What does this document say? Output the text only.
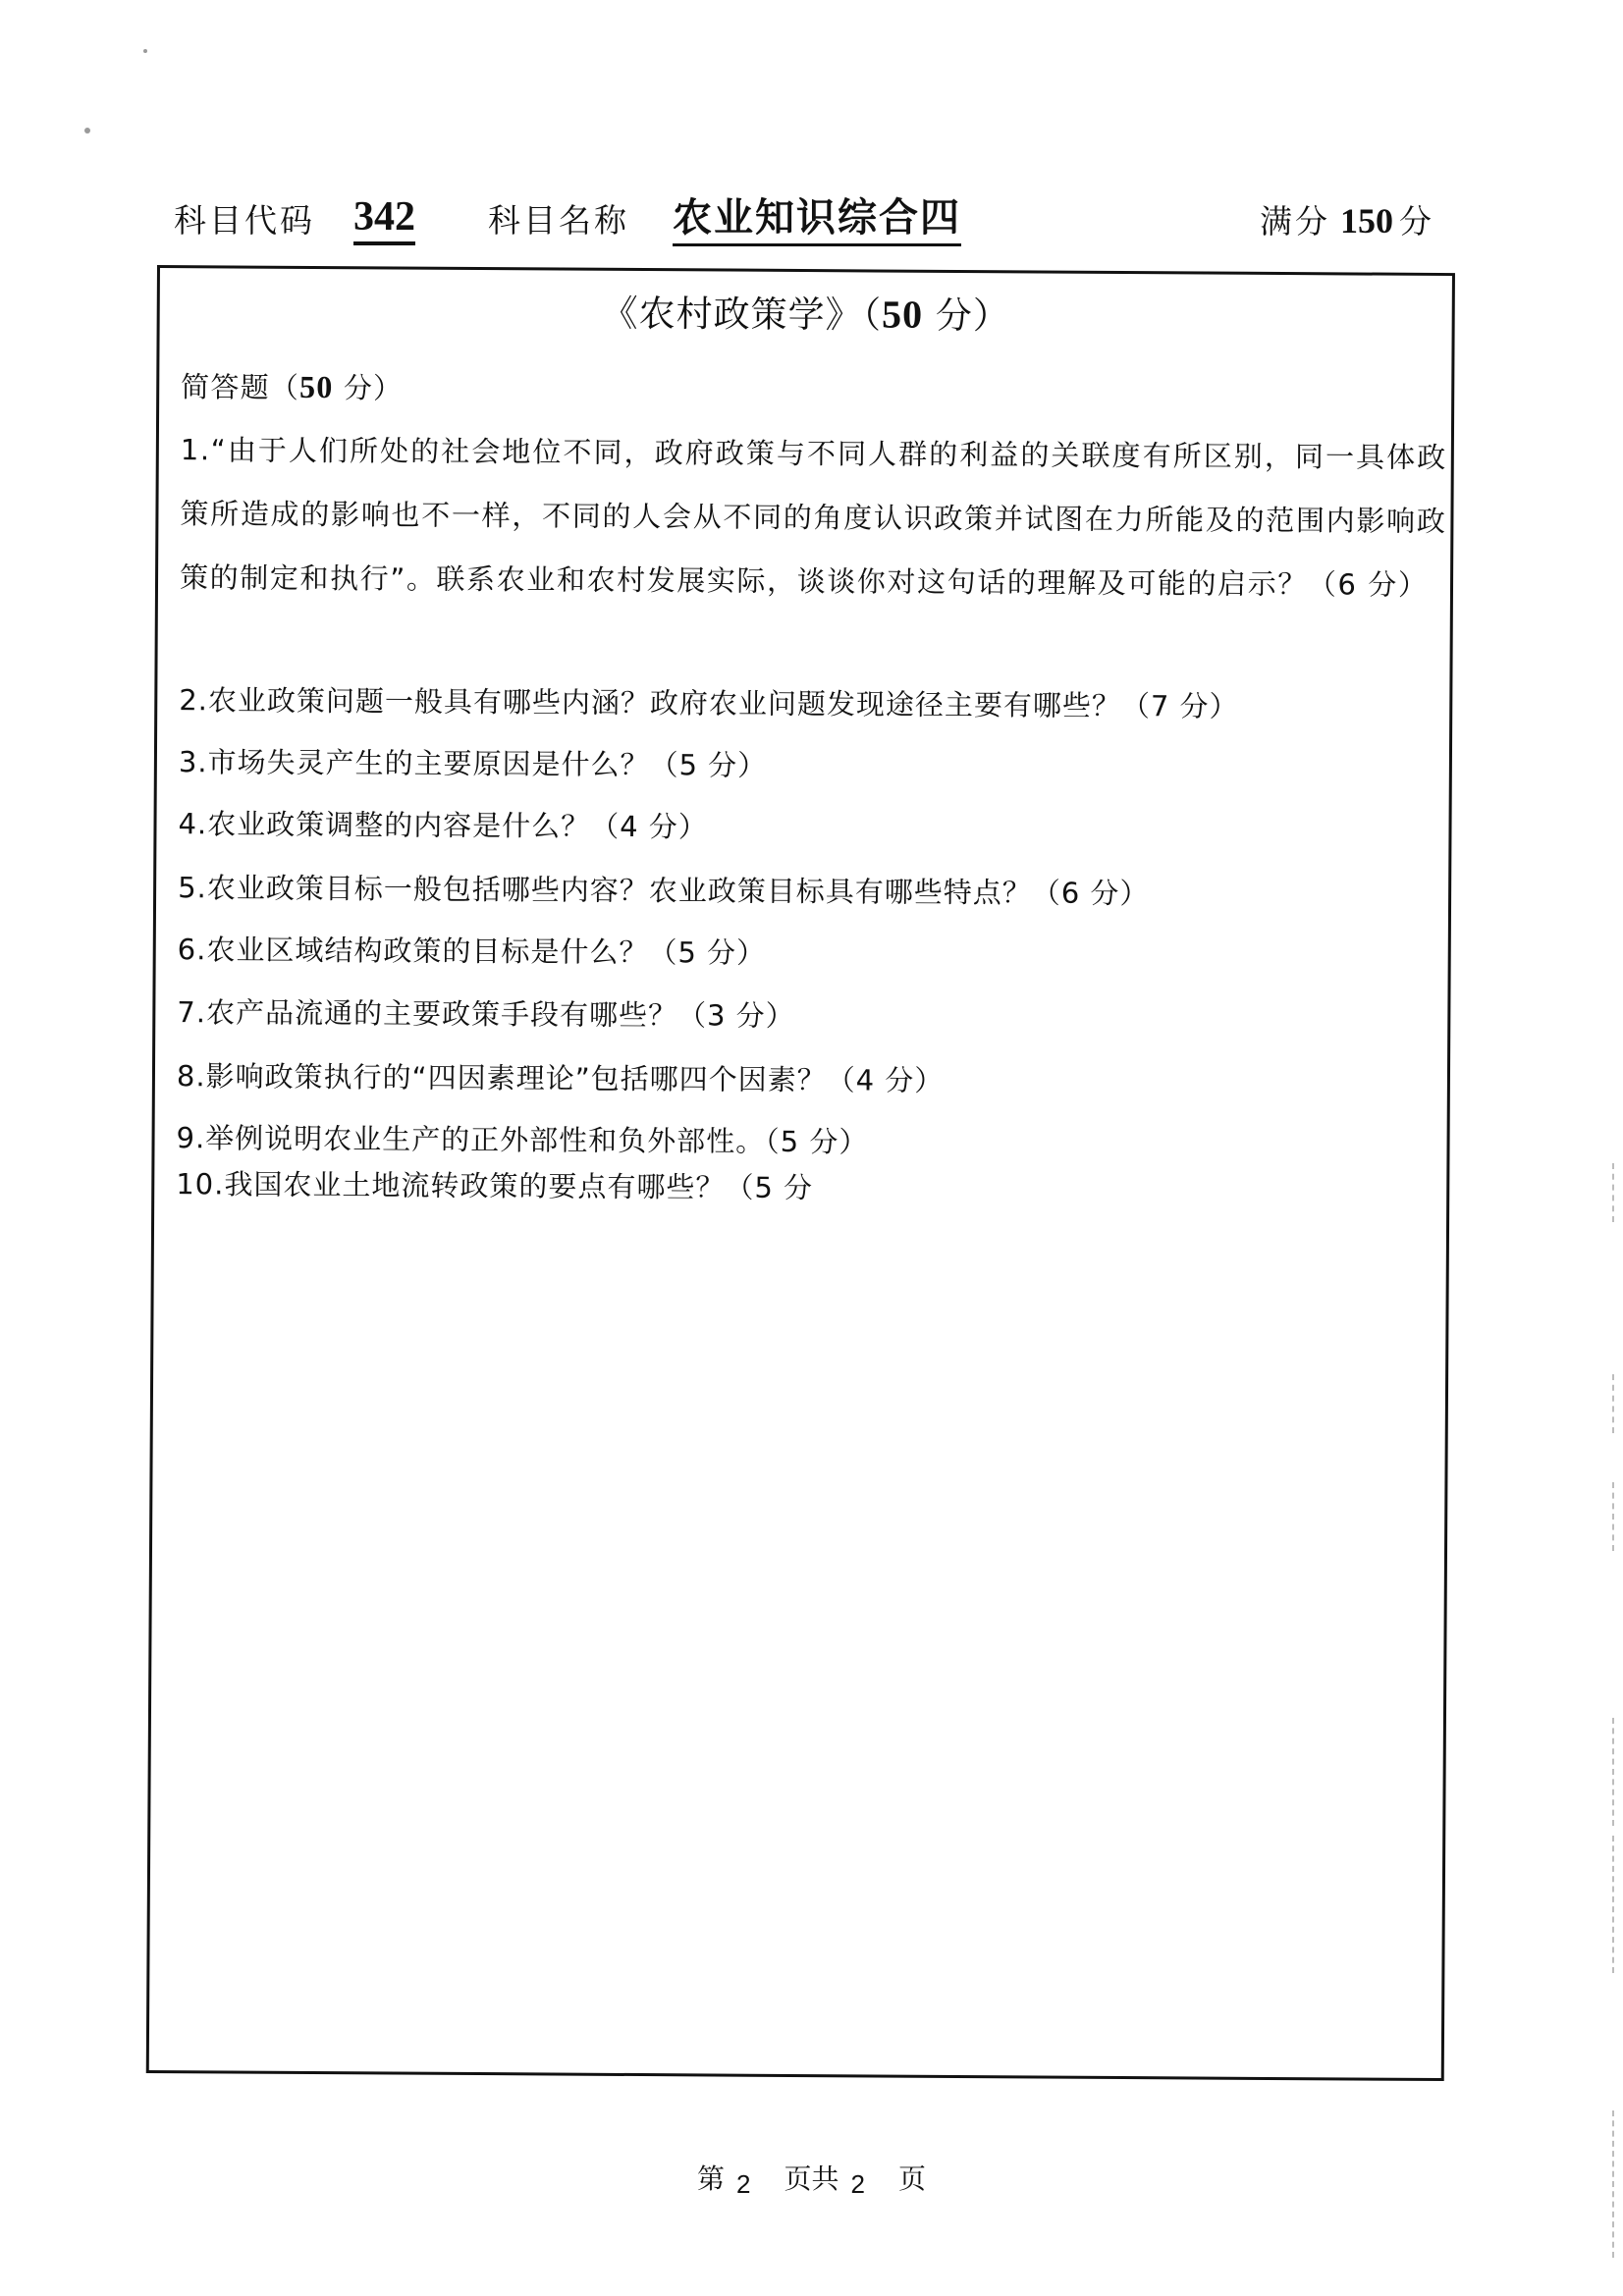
科目代码 342 科目名称 农业知识综合四	满分 150 分
《农村政策学》（50 分）
简答题（50 分）
1.“由于人们所处的社会地位不同，政府政策与不同人群的利益的关联度有所区别，同一具体政策所造成的影响也不一样，不同的人会从不同的角度认识政策并试图在力所能及的范围内影响政策的制定和执行”。联系农业和农村发展实际，谈谈你对这句话的理解及可能的启示？（6 分）
2.农业政策问题一般具有哪些内涵？政府农业问题发现途径主要有哪些？（7 分）
3.市场失灵产生的主要原因是什么？（5 分）
4.农业政策调整的内容是什么？（4 分）
5.农业政策目标一般包括哪些内容？农业政策目标具有哪些特点？（6 分）
6.农业区域结构政策的目标是什么？（5 分）
7.农产品流通的主要政策手段有哪些？（3 分）
8.影响政策执行的“四因素理论”包括哪四个因素？（4 分）
9.举例说明农业生产的正外部性和负外部性。（5 分）
10.我国农业土地流转政策的要点有哪些？（5 分
第 2 页共 2 页
